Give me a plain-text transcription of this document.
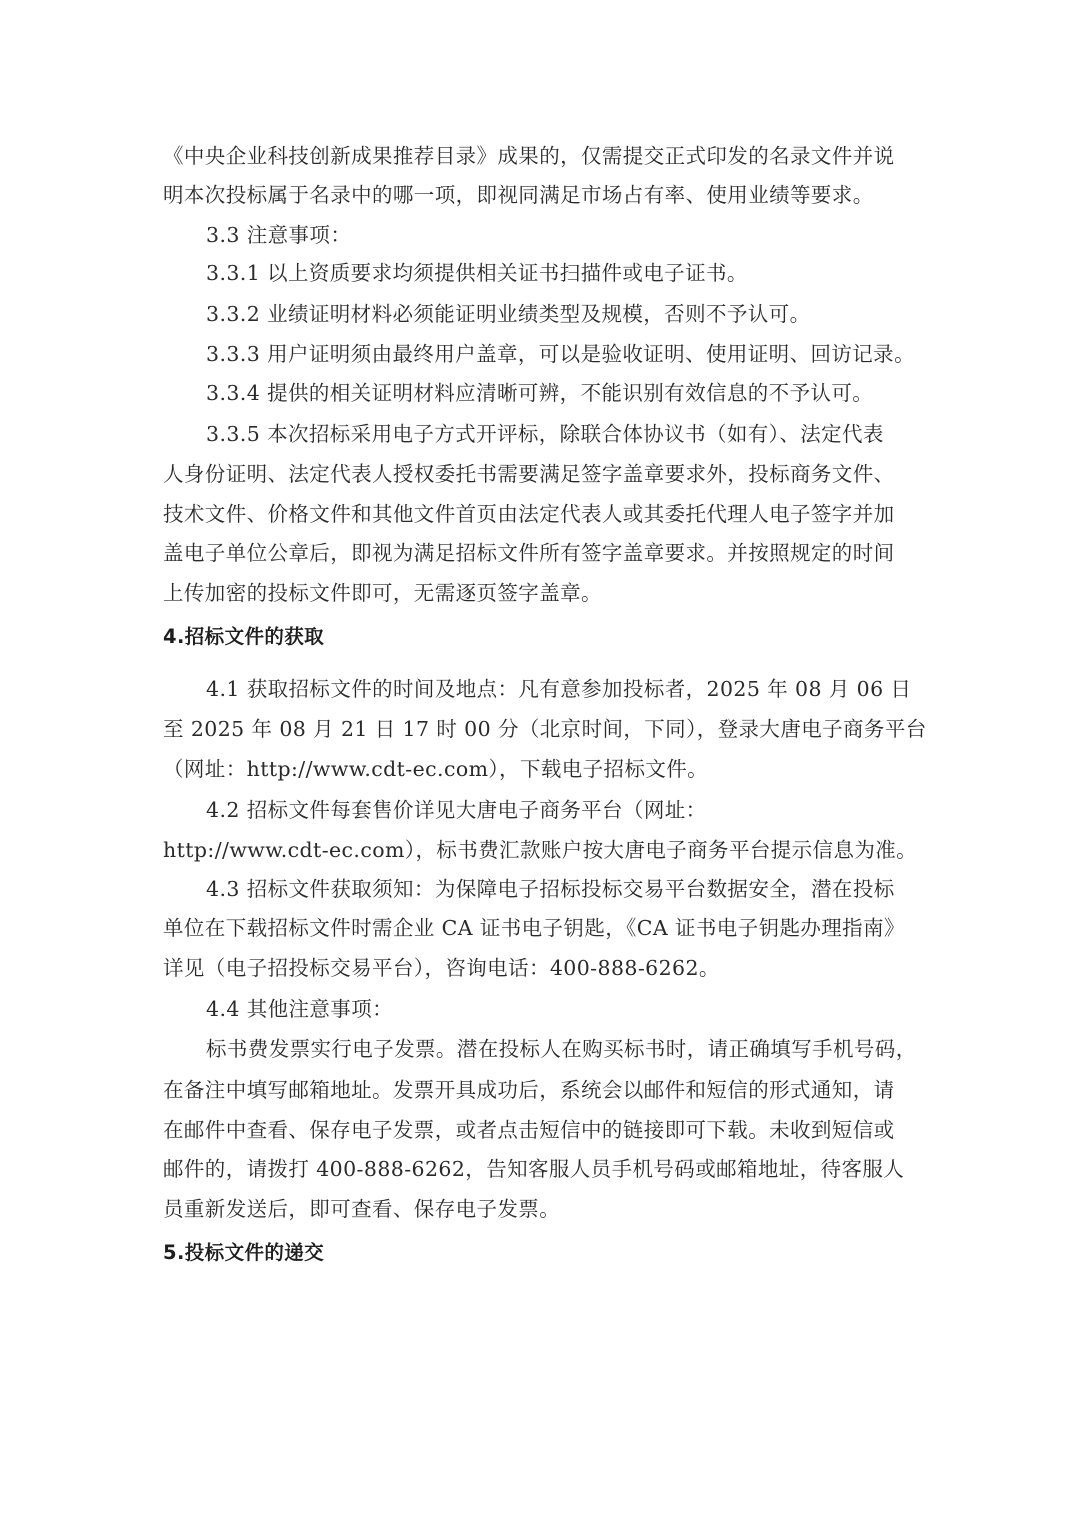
《中央企业科技创新成果推荐目录》成果的，仅需提交正式印发的名录文件并说
明本次投标属于名录中的哪一项，即视同满足市场占有率、使用业绩等要求。
3.3 注意事项：
3.3.1 以上资质要求均须提供相关证书扫描件或电子证书。
3.3.2 业绩证明材料必须能证明业绩类型及规模，否则不予认可。
3.3.3 用户证明须由最终用户盖章，可以是验收证明、使用证明、回访记录。
3.3.4 提供的相关证明材料应清晰可辨，不能识别有效信息的不予认可。
3.3.5 本次招标采用电子方式开评标，除联合体协议书（如有）、法定代表
人身份证明、法定代表人授权委托书需要满足签字盖章要求外，投标商务文件、
技术文件、价格文件和其他文件首页由法定代表人或其委托代理人电子签字并加
盖电子单位公章后，即视为满足招标文件所有签字盖章要求。并按照规定的时间
上传加密的投标文件即可，无需逐页签字盖章。
4.招标文件的获取
4.1 获取招标文件的时间及地点：凡有意参加投标者，2025 年 08 月 06 日
至 2025 年 08 月 21 日 17 时 00 分（北京时间，下同），登录大唐电子商务平台
（网址：http://www.cdt-ec.com），下载电子招标文件。
4.2 招标文件每套售价详见大唐电子商务平台（网址：
http://www.cdt-ec.com），标书费汇款账户按大唐电子商务平台提示信息为准。
4.3 招标文件获取须知：为保障电子招标投标交易平台数据安全，潜在投标
单位在下载招标文件时需企业 CA 证书电子钥匙，《CA 证书电子钥匙办理指南》
详见（电子招投标交易平台），咨询电话：400-888-6262。
4.4 其他注意事项：
标书费发票实行电子发票。潜在投标人在购买标书时，请正确填写手机号码，
在备注中填写邮箱地址。发票开具成功后，系统会以邮件和短信的形式通知，请
在邮件中查看、保存电子发票，或者点击短信中的链接即可下载。未收到短信或
邮件的，请拨打 400-888-6262，告知客服人员手机号码或邮箱地址，待客服人
员重新发送后，即可查看、保存电子发票。
5.投标文件的递交
